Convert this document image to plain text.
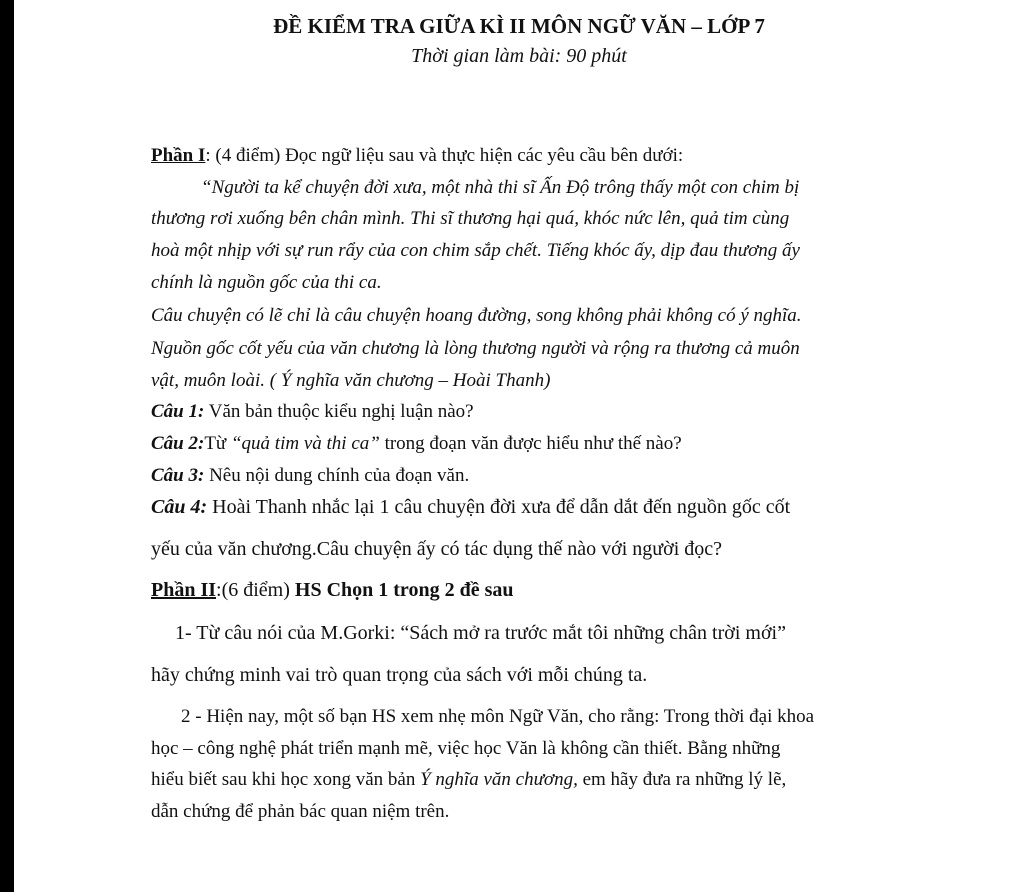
ĐỀ KIỂM TRA GIỮA KÌ II MÔN NGỮ VĂN – LỚP 7
Thời gian làm bài: 90 phút
Phần I: (4 điểm) Đọc ngữ liệu sau và thực hiện các yêu cầu bên dưới:
“Người ta kể chuyện đời xưa, một nhà thi sĩ Ấn Độ trông thấy một con chim bị
thương rơi xuống bên chân mình. Thi sĩ thương hại quá, khóc nức lên, quả tim cùng
hoà một nhịp với sự run rẩy của con chim sắp chết. Tiếng khóc ấy, dịp đau thương ấy
chính là nguồn gốc của thi ca.
Câu chuyện có lẽ chỉ là câu chuyện hoang đường, song không phải không có ý nghĩa.
Nguồn gốc cốt yếu của văn chương là lòng thương người và rộng ra thương cả muôn
vật, muôn loài. ( Ý nghĩa văn chương – Hoài Thanh)
Câu 1: Văn bản thuộc kiểu nghị luận nào?
Câu 2:Từ “quả tim và thi ca” trong đoạn văn được hiểu như thế nào?
Câu 3: Nêu nội dung chính của đoạn văn.
Câu 4: Hoài Thanh nhắc lại 1 câu chuyện đời xưa để dẫn dắt đến nguồn gốc cốt
yếu của văn chương.Câu chuyện ấy có tác dụng thế nào với người đọc?
Phần II:(6 điểm) HS Chọn 1 trong 2 đề sau
1- Từ câu nói của M.Gorki: “Sách mở ra trước mắt tôi những chân trời mới”
hãy chứng minh vai trò quan trọng của sách với mỗi chúng ta.
2 - Hiện nay, một số bạn HS xem nhẹ môn Ngữ Văn, cho rằng: Trong thời đại khoa
học – công nghệ phát triển mạnh mẽ, việc học Văn là không cần thiết. Bằng những
hiểu biết sau khi học xong văn bản Ý nghĩa văn chương, em hãy đưa ra những lý lẽ,
dẫn chứng để phản bác quan niệm trên.
